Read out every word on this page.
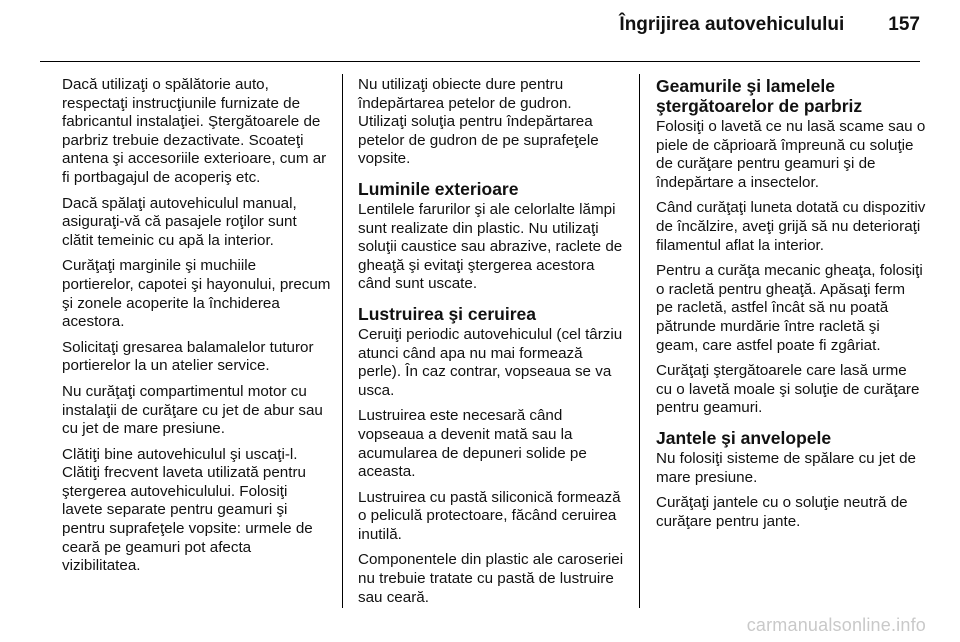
Îngrijirea autovehiculului 157

Dacă utilizaţi o spălătorie auto, respectaţi instrucţiunile furnizate de fabricantul instalaţiei. Ştergătoarele de parbriz trebuie dezactivate. Scoateţi antena şi accesoriile exterioare, cum ar fi portbagajul de acoperiş etc.

Dacă spălaţi autovehiculul manual, asiguraţi-vă că pasajele roţilor sunt clătit temeinic cu apă la interior.

Curăţaţi marginile şi muchiile portierelor, capotei şi hayonului, precum şi zonele acoperite la închiderea acestora.

Solicitaţi gresarea balamalelor tuturor portierelor la un atelier service.

Nu curăţaţi compartimentul motor cu instalaţii de curăţare cu jet de abur sau cu jet de mare presiune.

Clătiţi bine autovehiculul şi uscaţi-l. Clătiţi frecvent laveta utilizată pentru ştergerea autovehiculului. Folosiţi lavete separate pentru geamuri şi pentru suprafeţele vopsite: urmele de ceară pe geamuri pot afecta vizibilitatea.

Nu utilizaţi obiecte dure pentru îndepărtarea petelor de gudron. Utilizaţi soluţia pentru îndepărtarea petelor de gudron de pe suprafeţele vopsite.

Luminile exterioare

Lentilele farurilor şi ale celorlalte lămpi sunt realizate din plastic. Nu utilizaţi soluţii caustice sau abrazive, raclete de gheaţă şi evitaţi ştergerea acestora când sunt uscate.

Lustruirea şi ceruirea

Ceruiţi periodic autovehiculul (cel târziu atunci când apa nu mai formează perle). În caz contrar, vopseaua se va usca.

Lustruirea este necesară când vopseaua a devenit mată sau la acumularea de depuneri solide pe aceasta.

Lustruirea cu pastă siliconică formează o peliculă protectoare, făcând ceruirea inutilă.

Componentele din plastic ale caroseriei nu trebuie tratate cu pastă de lustruire sau ceară.

Geamurile şi lamelele ştergătoarelor de parbriz

Folosiţi o lavetă ce nu lasă scame sau o piele de căprioară împreună cu soluţie de curăţare pentru geamuri şi de îndepărtare a insectelor.

Când curăţaţi luneta dotată cu dispozitiv de încălzire, aveţi grijă să nu deterioraţi filamentul aflat la interior.

Pentru a curăţa mecanic gheaţa, folosiţi o racletă pentru gheaţă. Apăsaţi ferm pe racletă, astfel încât să nu poată pătrunde murdărie între racletă şi geam, care astfel poate fi zgâriat.

Curăţaţi ştergătoarele care lasă urme cu o lavetă moale şi soluţie de curăţare pentru geamuri.

Jantele şi anvelopele

Nu folosiţi sisteme de spălare cu jet de mare presiune.

Curăţaţi jantele cu o soluţie neutră de curăţare pentru jante.

carmanualsonline.info
